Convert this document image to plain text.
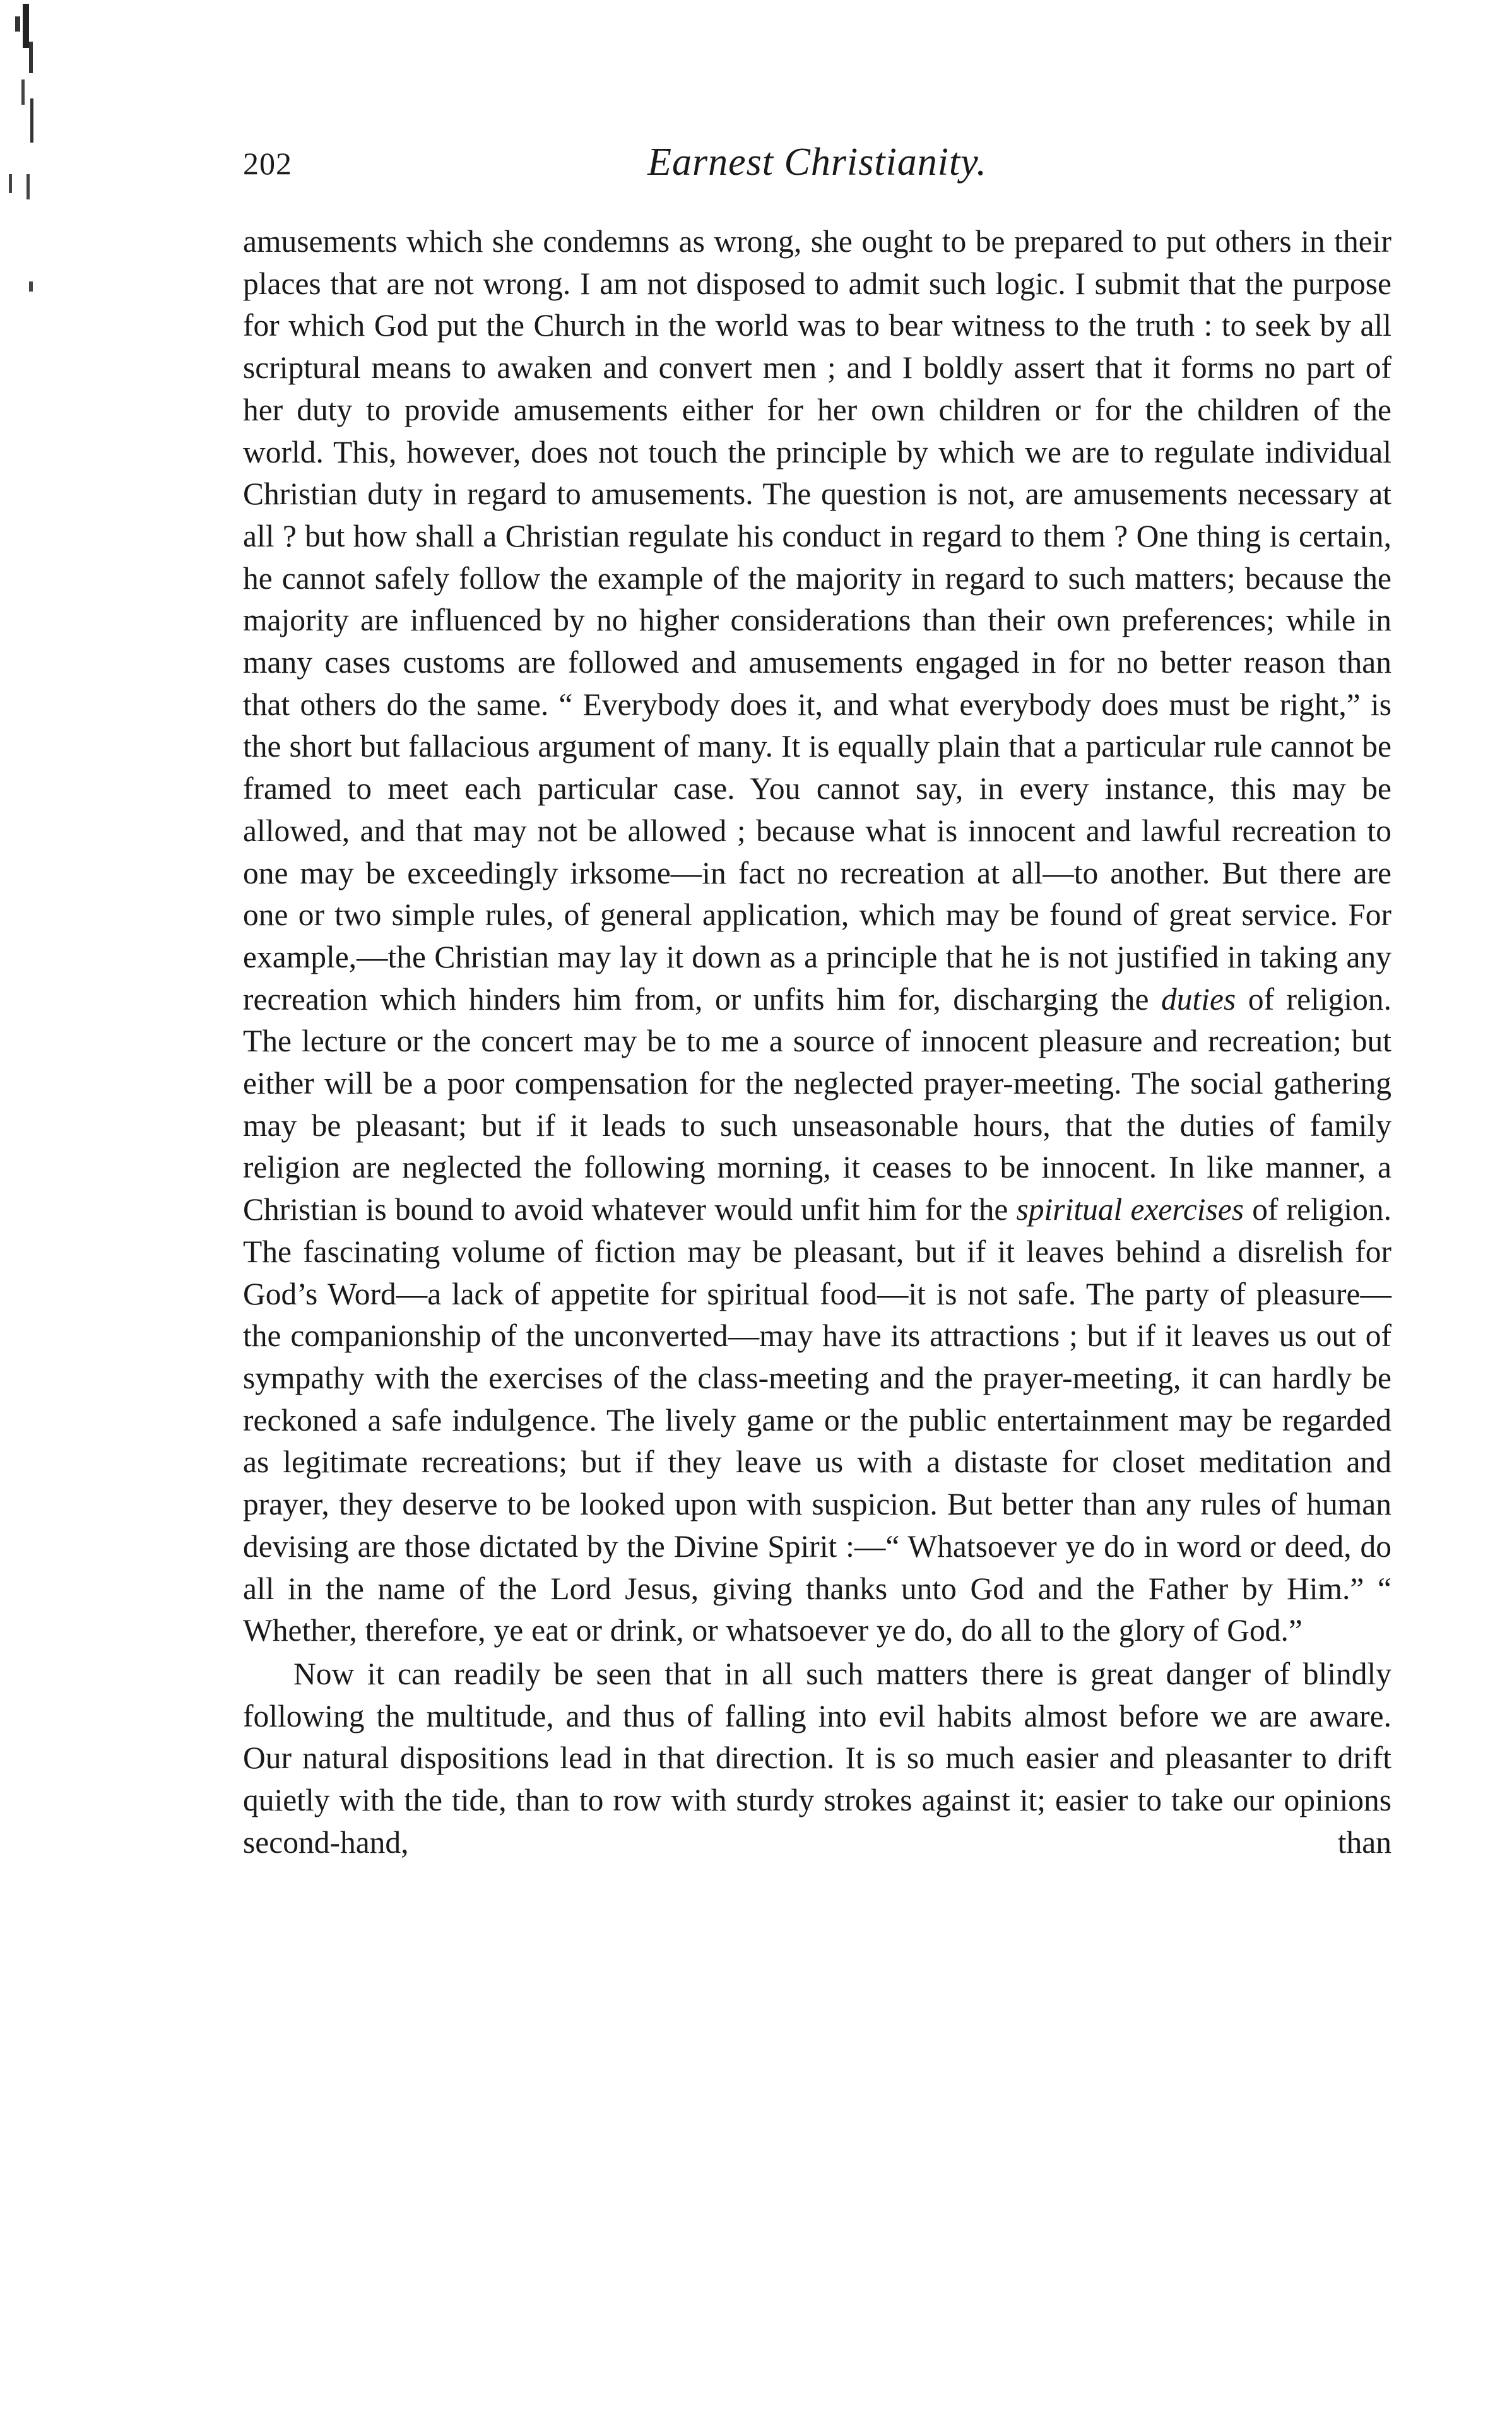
202	Earnest Christianity.

amusements which she condemns as wrong, she ought to be prepared to put others in their places that are not wrong. I am not disposed to admit such logic. I submit that the purpose for which God put the Church in the world was to bear witness to the truth : to seek by all scriptural means to awaken and convert men ; and I boldly assert that it forms no part of her duty to provide amusements either for her own children or for the children of the world. This, however, does not touch the principle by which we are to regulate individual Christian duty in regard to amusements. The question is not, are amusements necessary at all ? but how shall a Christian regulate his conduct in regard to them ? One thing is certain, he cannot safely follow the example of the majority in regard to such matters; because the majority are influenced by no higher considerations than their own preferences; while in many cases customs are followed and amusements engaged in for no better reason than that others do the same. “ Everybody does it, and what everybody does must be right,” is the short but fallacious argument of many. It is equally plain that a particular rule cannot be framed to meet each particular case. You cannot say, in every instance, this may be allowed, and that may not be allowed ; because what is innocent and lawful recreation to one may be exceedingly irksome—in fact no recreation at all—to another. But there are one or two simple rules, of general application, which may be found of great service. For example,—the Christian may lay it down as a principle that he is not justified in taking any recreation which hinders him from, or unfits him for, discharging the duties of religion. The lecture or the concert may be to me a source of innocent pleasure and recreation; but either will be a poor compensation for the neglected prayer-meeting. The social gathering may be pleasant; but if it leads to such unseasonable hours, that the duties of family religion are neglected the following morning, it ceases to be innocent. In like manner, a Christian is bound to avoid whatever would unfit him for the spiritual exercises of religion. The fascinating volume of fiction may be pleasant, but if it leaves behind a disrelish for God’s Word—a lack of appetite for spiritual food—it is not safe. The party of pleasure—the companionship of the unconverted—may have its attractions ; but if it leaves us out of sympathy with the exercises of the class-meeting and the prayer-meeting, it can hardly be reckoned a safe indulgence. The lively game or the public entertainment may be regarded as legitimate recreations; but if they leave us with a distaste for closet meditation and prayer, they deserve to be looked upon with suspicion. But better than any rules of human devising are those dictated by the Divine Spirit :—“ Whatsoever ye do in word or deed, do all in the name of the Lord Jesus, giving thanks unto God and the Father by Him.” “ Whether, therefore, ye eat or drink, or whatsoever ye do, do all to the glory of God.”

Now it can readily be seen that in all such matters there is great danger of blindly following the multitude, and thus of falling into evil habits almost before we are aware. Our natural dispositions lead in that direction. It is so much easier and pleasanter to drift quietly with the tide, than to row with sturdy strokes against it; easier to take our opinions second-hand, than
